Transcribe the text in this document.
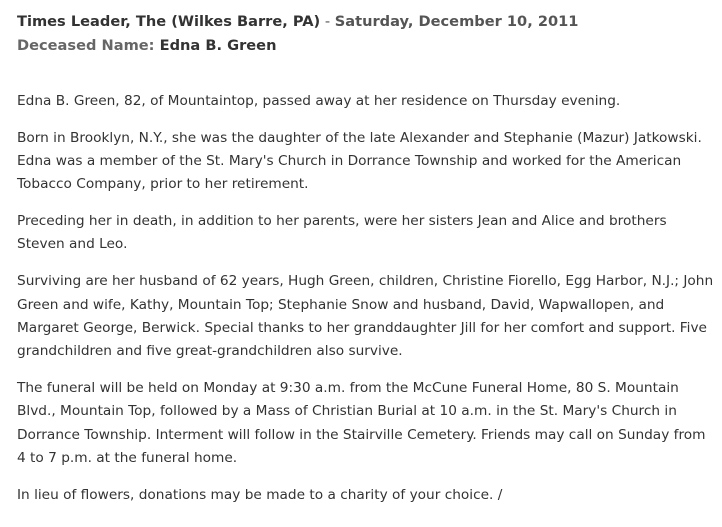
Times Leader, The (Wilkes Barre, PA) - Saturday, December 10, 2011
Deceased Name: Edna B. Green

Edna B. Green, 82, of Mountaintop, passed away at her residence on Thursday evening.

Born in Brooklyn, N.Y., she was the daughter of the late Alexander and Stephanie (Mazur) Jatkowski. Edna was a member of the St. Mary's Church in Dorrance Township and worked for the American Tobacco Company, prior to her retirement.

Preceding her in death, in addition to her parents, were her sisters Jean and Alice and brothers Steven and Leo.

Surviving are her husband of 62 years, Hugh Green, children, Christine Fiorello, Egg Harbor, N.J.; John Green and wife, Kathy, Mountain Top; Stephanie Snow and husband, David, Wapwallopen, and Margaret George, Berwick. Special thanks to her granddaughter Jill for her comfort and support. Five grandchildren and five great-grandchildren also survive.

The funeral will be held on Monday at 9:30 a.m. from the McCune Funeral Home, 80 S. Mountain Blvd., Mountain Top, followed by a Mass of Christian Burial at 10 a.m. in the St. Mary's Church in Dorrance Township. Interment will follow in the Stairville Cemetery. Friends may call on Sunday from 4 to 7 p.m. at the funeral home.

In lieu of flowers, donations may be made to a charity of your choice. /
